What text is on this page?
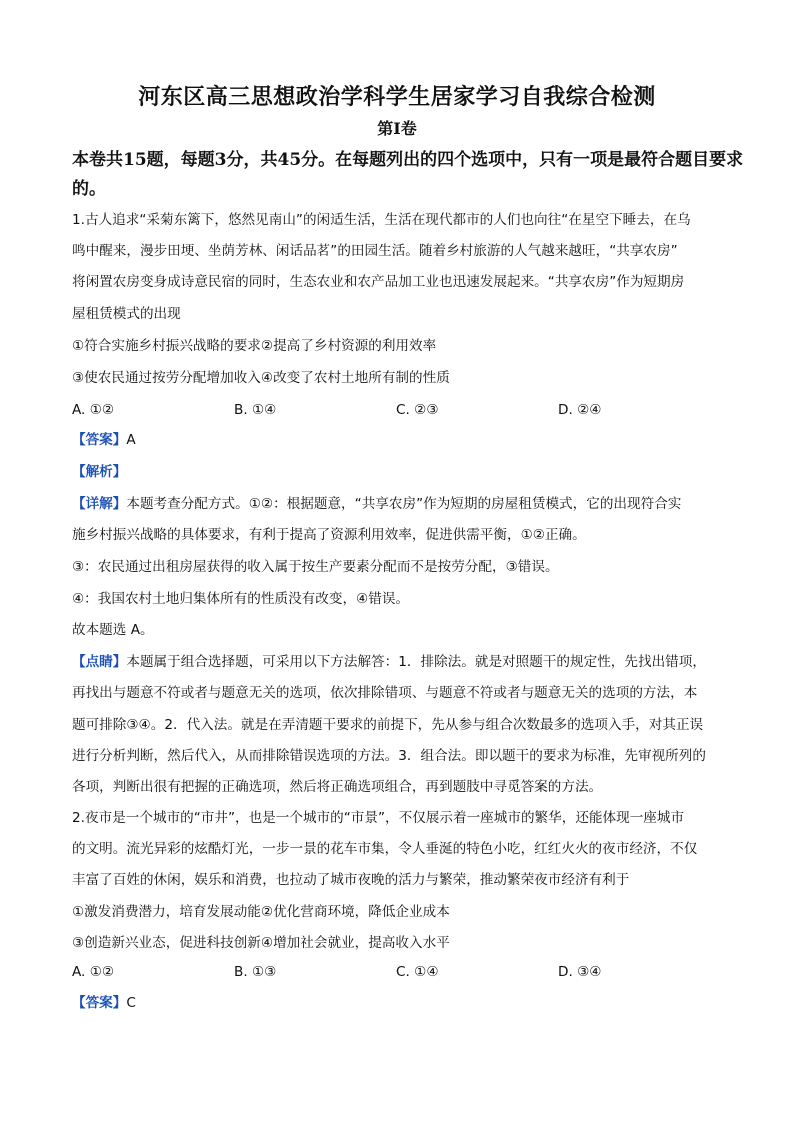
河东区高三思想政治学科学生居家学习自我综合检测
第Ⅰ卷
本卷共15题，每题3分，共45分。在每题列出的四个选项中，只有一项是最符合题目要求
的。
1.古人追求“采菊东篱下，悠然见南山”的闲适生活，生活在现代都市的人们也向往“在星空下睡去，在乌
鸣中醒来，漫步田埂、坐荫芳林、闲话品茗”的田园生活。随着乡村旅游的人气越来越旺，“共享农房”
将闲置农房变身成诗意民宿的同时，生态农业和农产品加工业也迅速发展起来。“共享农房”作为短期房
屋租赁模式的出现
①符合实施乡村振兴战略的要求②提高了乡村资源的利用效率
③使农民通过按劳分配增加收入④改变了农村土地所有制的性质
A. ①②	B. ①④	C. ②③	D. ②④
【答案】A
【解析】
【详解】本题考查分配方式。①②：根据题意，“共享农房”作为短期的房屋租赁模式，它的出现符合实
施乡村振兴战略的具体要求，有利于提高了资源利用效率，促进供需平衡，①②正确。
③：农民通过出租房屋获得的收入属于按生产要素分配而不是按劳分配，③错误。
④：我国农村土地归集体所有的性质没有改变，④错误。
故本题选 A。
【点睛】本题属于组合选择题，可采用以下方法解答：1．排除法。就是对照题干的规定性，先找出错项，
再找出与题意不符或者与题意无关的选项，依次排除错项、与题意不符或者与题意无关的选项的方法，本
题可排除③④。2．代入法。就是在弄清题干要求的前提下，先从参与组合次数最多的选项入手，对其正误
进行分析判断，然后代入，从而排除错误选项的方法。3．组合法。即以题干的要求为标准，先审视所列的
各项，判断出很有把握的正确选项，然后将正确选项组合，再到题肢中寻觅答案的方法。
2.夜市是一个城市的“市井”，也是一个城市的“市景”，不仅展示着一座城市的繁华，还能体现一座城市
的文明。流光异彩的炫酷灯光，一步一景的花车市集，令人垂涎的特色小吃，红红火火的夜市经济，不仅
丰富了百姓的休闲，娱乐和消费，也拉动了城市夜晚的活力与繁荣，推动繁荣夜市经济有利于
①激发消费潜力，培育发展动能②优化营商环境，降低企业成本
③创造新兴业态，促进科技创新④增加社会就业，提高收入水平
A. ①②	B. ①③	C. ①④	D. ③④
【答案】C
